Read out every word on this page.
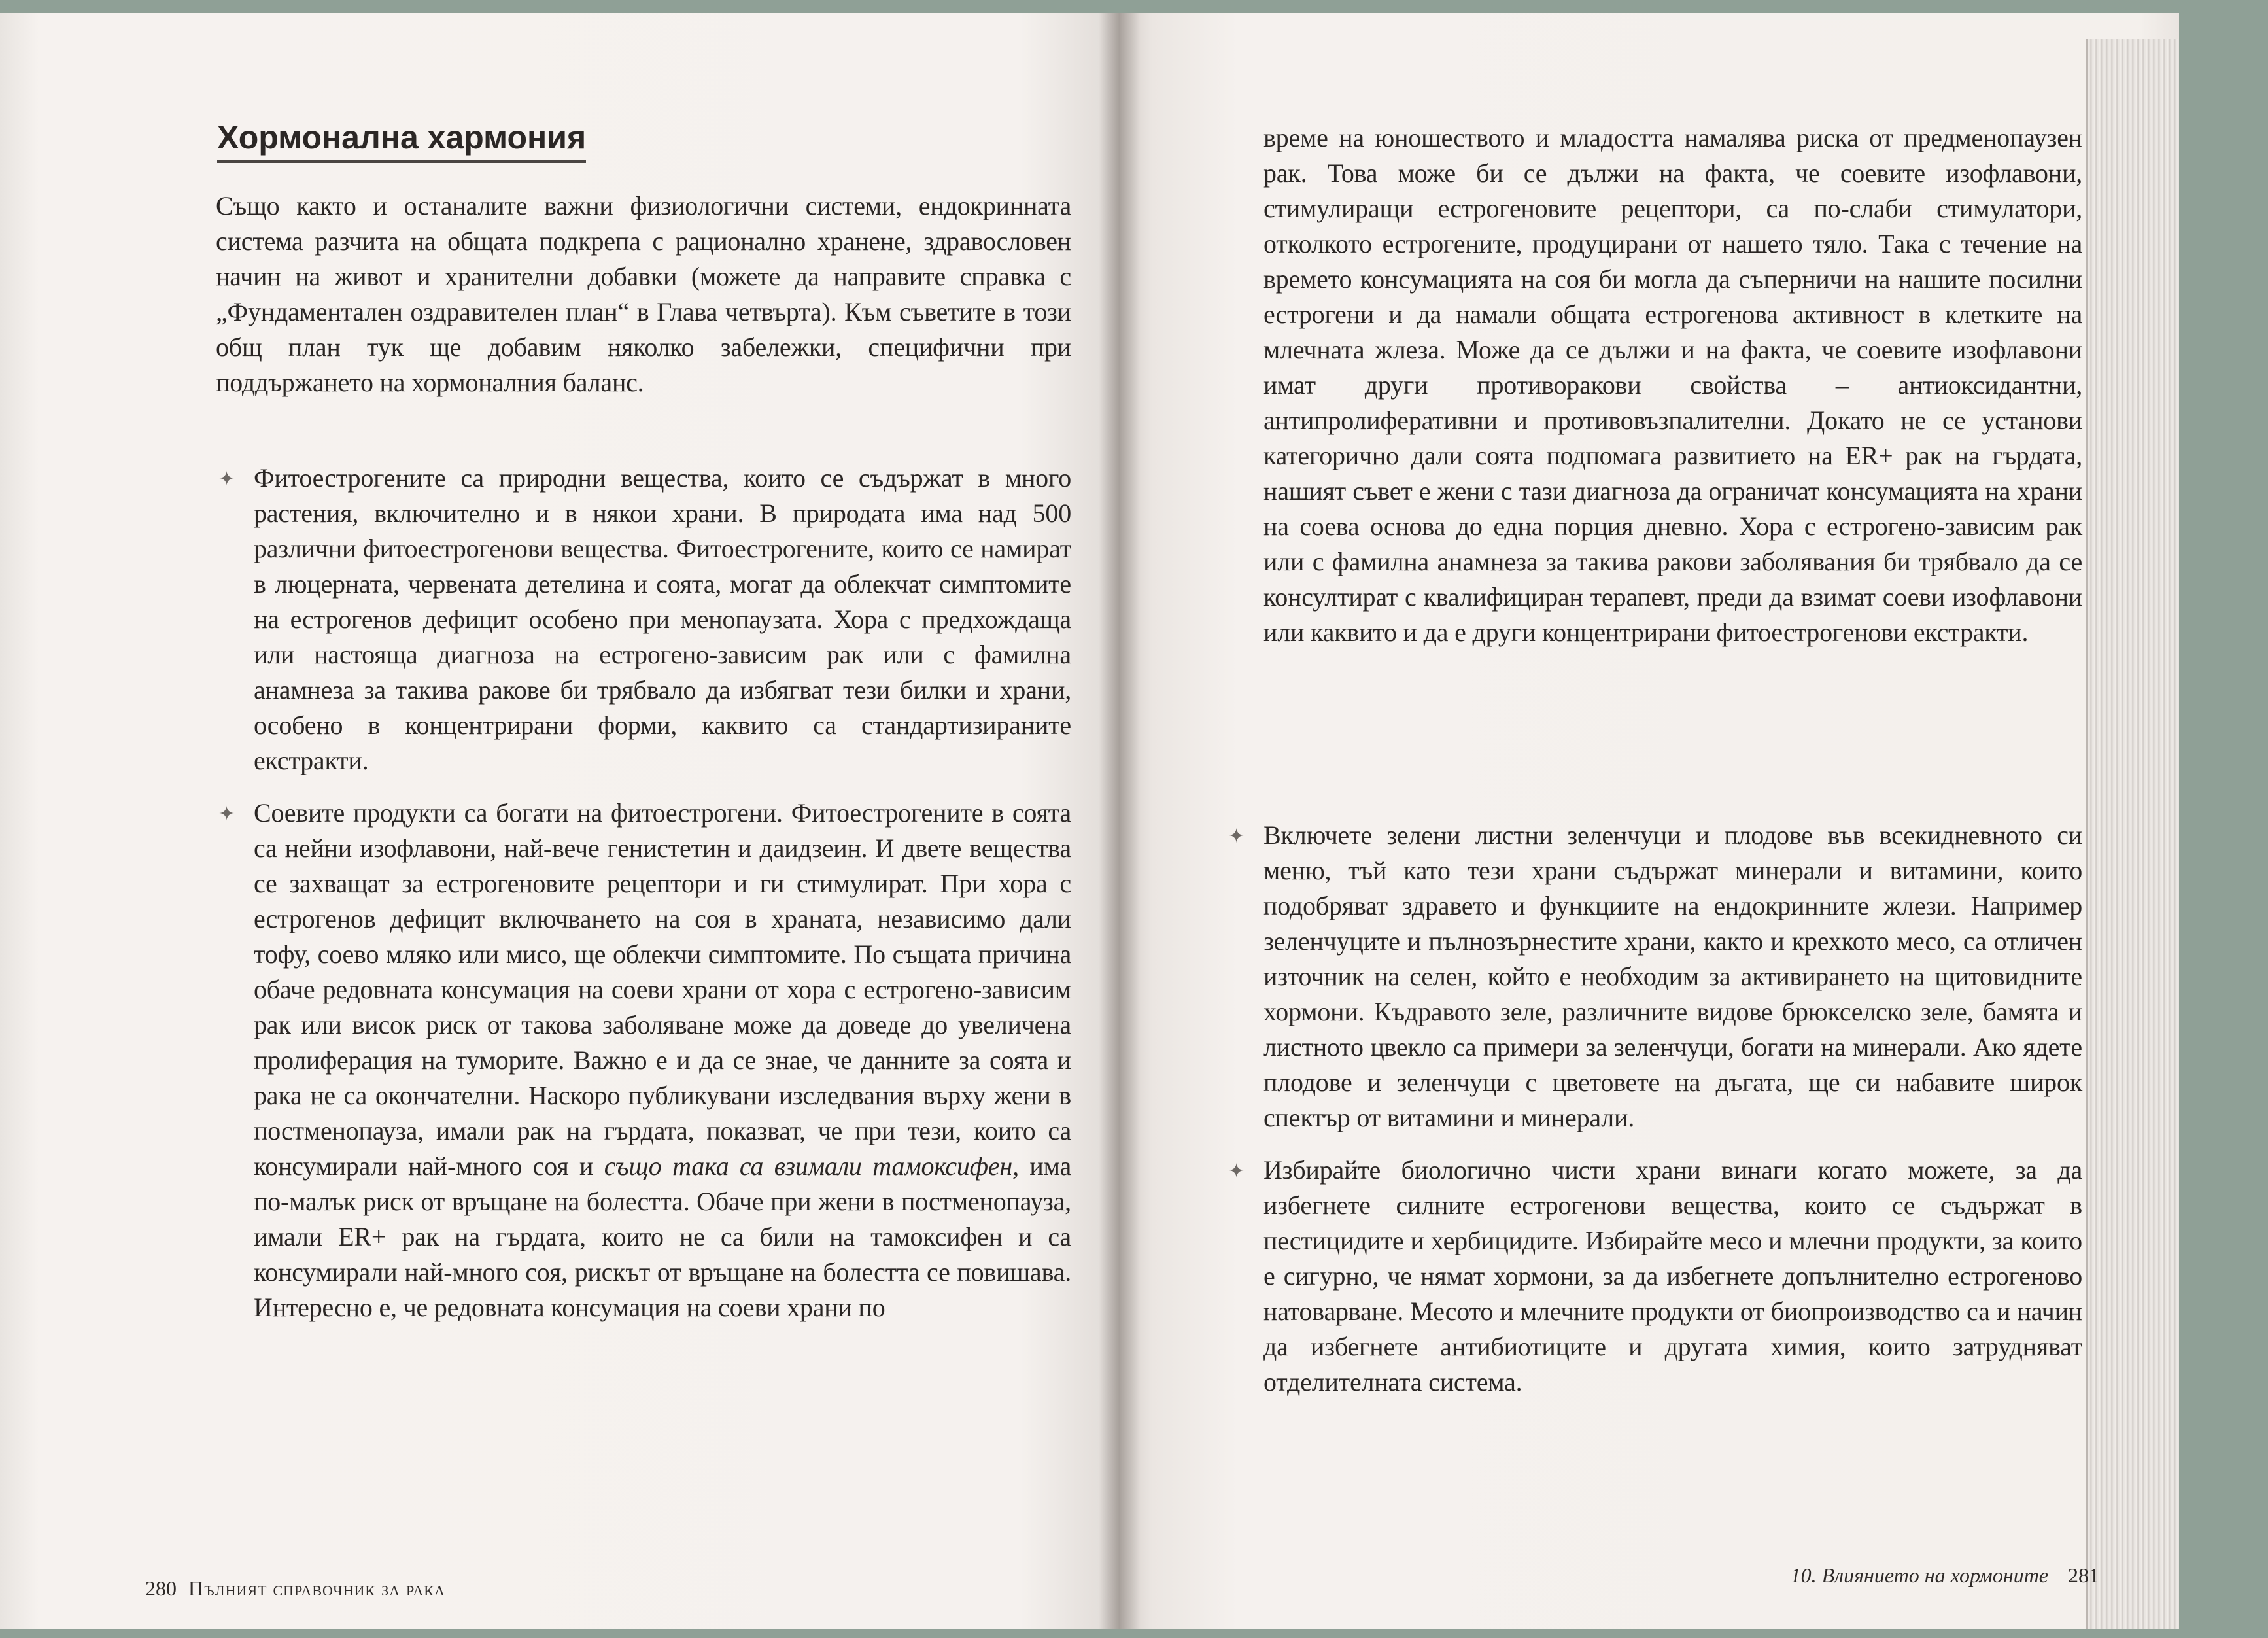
Хормонална хармония

Също както и останалите важни физиологични системи, ендокринната система разчита на общата подкрепа с рационално хранене, здравословен начин на живот и хранителни добавки (можете да направите справка с „Фундаментален оздравителен план“ в Глава четвърта). Към съветите в този общ план тук ще добавим няколко забележки, специфични при поддържането на хормоналния баланс.

✦ Фитоестрогените са природни вещества, които се съдържат в много растения, включително и в някои храни. В природата има над 500 различни фитоестрогенови вещества. Фитоестрогените, които се намират в люцерната, червената детелина и соята, могат да облекчат симптомите на естрогенов дефицит особено при менопаузата. Хора с предхождаща или настояща диагноза на естрогено-зависим рак или с фамилна анамнеза за такива ракове би трябвало да избягват тези билки и храни, особено в концентрирани форми, каквито са стандартизираните екстракти.

✦ Соевите продукти са богати на фитоестрогени. Фитоестрогените в соята са нейни изофлавони, най-вече генистетин и даидзеин. И двете вещества се захващат за естрогеновите рецептори и ги стимулират. При хора с естрогенов дефицит включването на соя в храната, независимо дали тофу, соево мляко или мисо, ще облекчи симптомите. По същата причина обаче редовната консумация на соеви храни от хора с естрогено-зависим рак или висок риск от такова заболяване може да доведе до увеличена пролиферация на туморите. Важно е и да се знае, че данните за соята и рака не са окончателни. Наскоро публикувани изследвания върху жени в постменопауза, имали рак на гърдата, показват, че при тези, които са консумирали най-много соя и също така са взимали тамоксифен, има по-малък риск от връщане на болестта. Обаче при жени в постменопауза, имали ER+ рак на гърдата, които не са били на тамоксифен и са консумирали най-много соя, рискът от връщане на болестта се повишава. Интересно е, че редовната консумация на соеви храни по

280 Пълният справочник за рака

време на юношеството и младостта намалява риска от предменопаузен рак. Това може би се дължи на факта, че соевите изофлавони, стимулиращи естрогеновите рецептори, са по-слаби стимулатори, отколкото естрогените, продуцирани от нашето тяло. Така с течение на времето консумацията на соя би могла да съперничи на нашите посилни естрогени и да намали общата естрогенова активност в клетките на млечната жлеза. Може да се дължи и на факта, че соевите изофлавони имат други противоракови свойства – антиоксидантни, антипролиферативни и противовъзпалителни. Докато не се установи категорично дали соята подпомага развитието на ER+ рак на гърдата, нашият съвет е жени с тази диагноза да ограничат консумацията на храни на соева основа до една порция дневно. Хора с естрогено-зависим рак или с фамилна анамнеза за такива ракови заболявания би трябвало да се консултират с квалифициран терапевт, преди да взимат соеви изофлавони или каквито и да е други концентрирани фитоестрогенови екстракти.

✦ Включете зелени листни зеленчуци и плодове във всекидневното си меню, тъй като тези храни съдържат минерали и витамини, които подобряват здравето и функциите на ендокринните жлези. Например зеленчуците и пълнозърнестите храни, както и крехкото месо, са отличен източник на селен, който е необходим за активирането на щитовидните хормони. Къдравото зеле, различните видове брюкселско зеле, бамята и листното цвекло са примери за зеленчуци, богати на минерали. Ако ядете плодове и зеленчуци с цветовете на дъгата, ще си набавите широк спектър от витамини и минерали.

✦ Избирайте биологично чисти храни винаги когато можете, за да избегнете силните естрогенови вещества, които се съдържат в пестицидите и хербицидите. Избирайте месо и млечни продукти, за които е сигурно, че нямат хормони, за да избегнете допълнително естрогеново натоварване. Месото и млечните продукти от биопроизводство са и начин да избегнете антибиотиците и другата химия, които затрудняват отделителната система.

10. Влиянието на хормоните 281
